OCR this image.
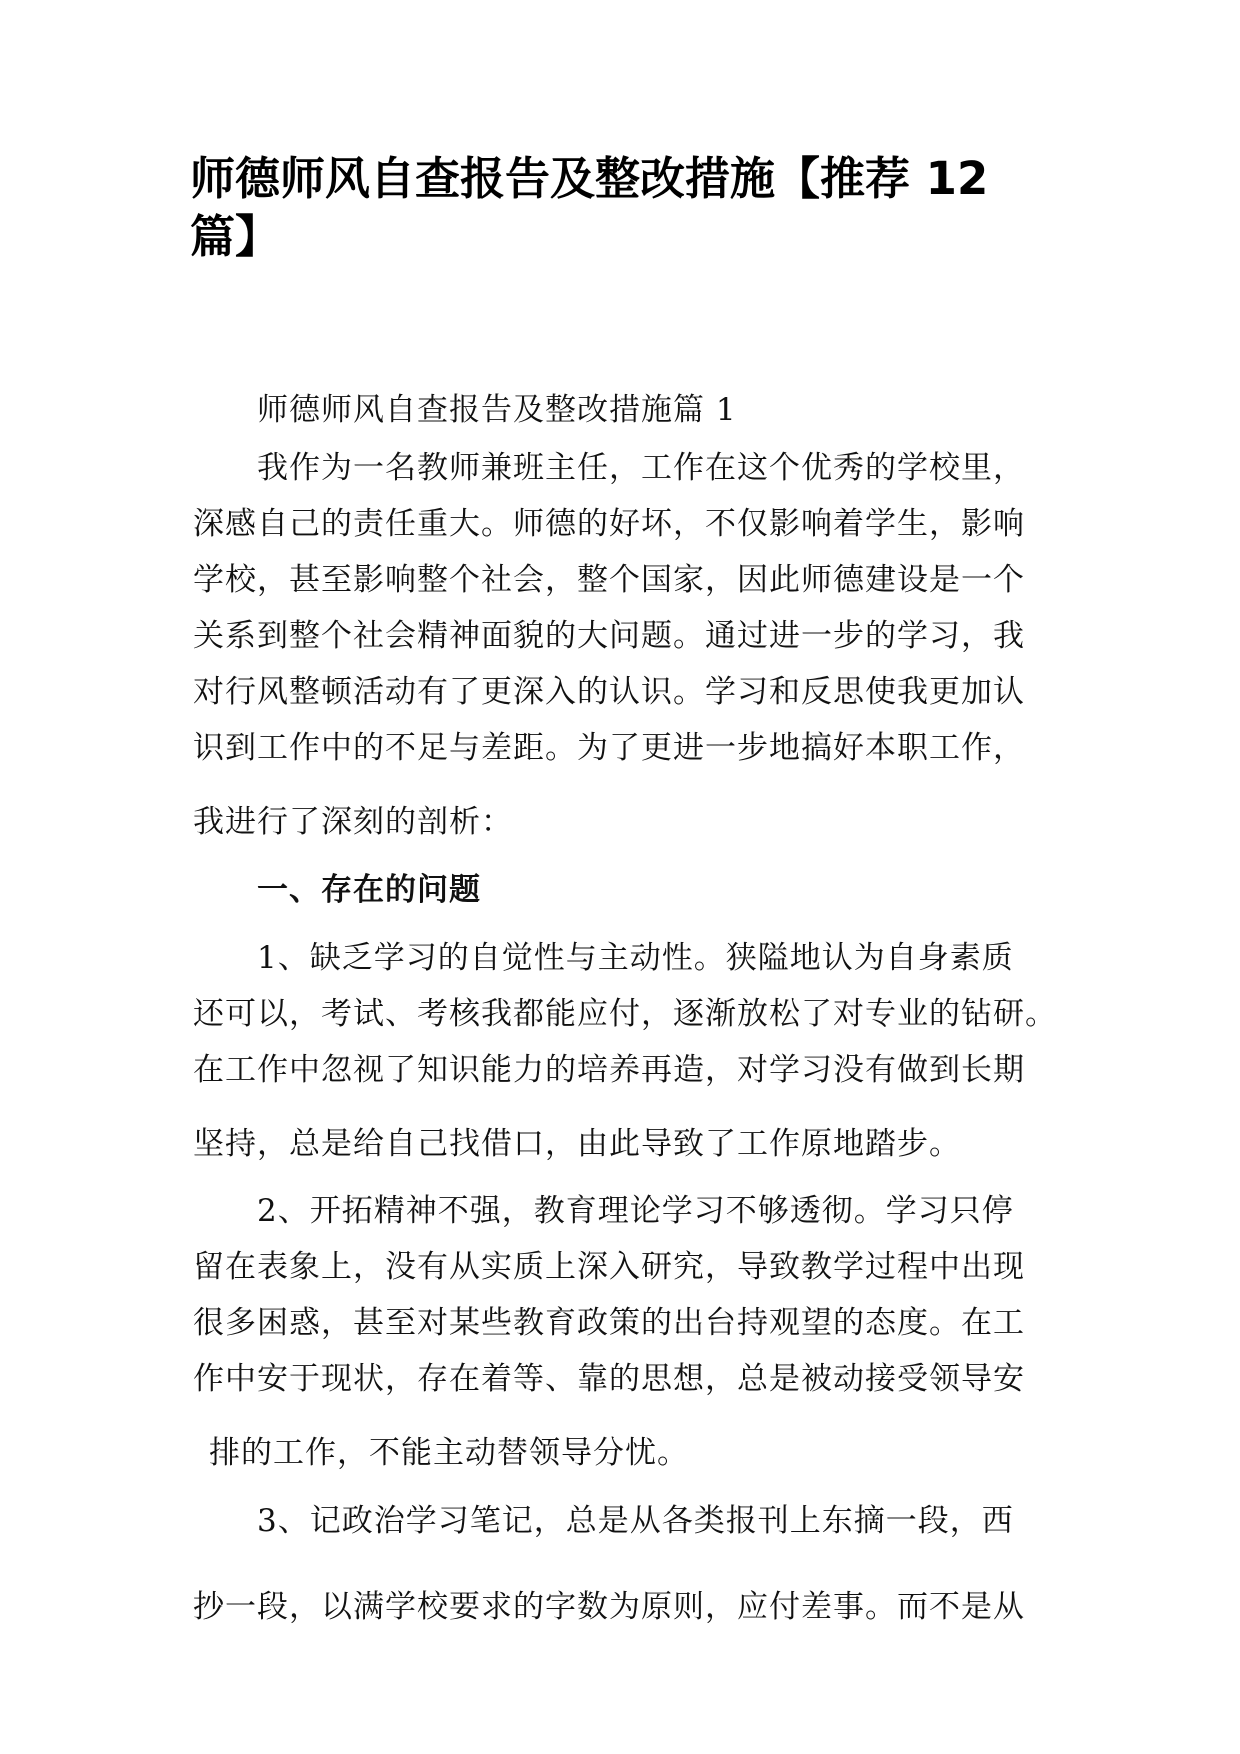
师德师风自查报告及整改措施【推荐 12
篇】
师德师风自查报告及整改措施篇 1
我作为一名教师兼班主任，工作在这个优秀的学校里，
深感自己的责任重大。师德的好坏，不仅影响着学生，影响
学校，甚至影响整个社会，整个国家，因此师德建设是一个
关系到整个社会精神面貌的大问题。通过进一步的学习，我
对行风整顿活动有了更深入的认识。学习和反思使我更加认
识到工作中的不足与差距。为了更进一步地搞好本职工作，
我进行了深刻的剖析：
一、存在的问题
1、缺乏学习的自觉性与主动性。狭隘地认为自身素质
还可以，考试、考核我都能应付，逐渐放松了对专业的钻研。
在工作中忽视了知识能力的培养再造，对学习没有做到长期
坚持，总是给自己找借口，由此导致了工作原地踏步。
2、开拓精神不强，教育理论学习不够透彻。学习只停
留在表象上，没有从实质上深入研究，导致教学过程中出现
很多困惑，甚至对某些教育政策的出台持观望的态度。在工
作中安于现状，存在着等、靠的思想，总是被动接受领导安
排的工作，不能主动替领导分忧。
3、记政治学习笔记，总是从各类报刊上东摘一段，西
抄一段，以满学校要求的字数为原则，应付差事。而不是从
